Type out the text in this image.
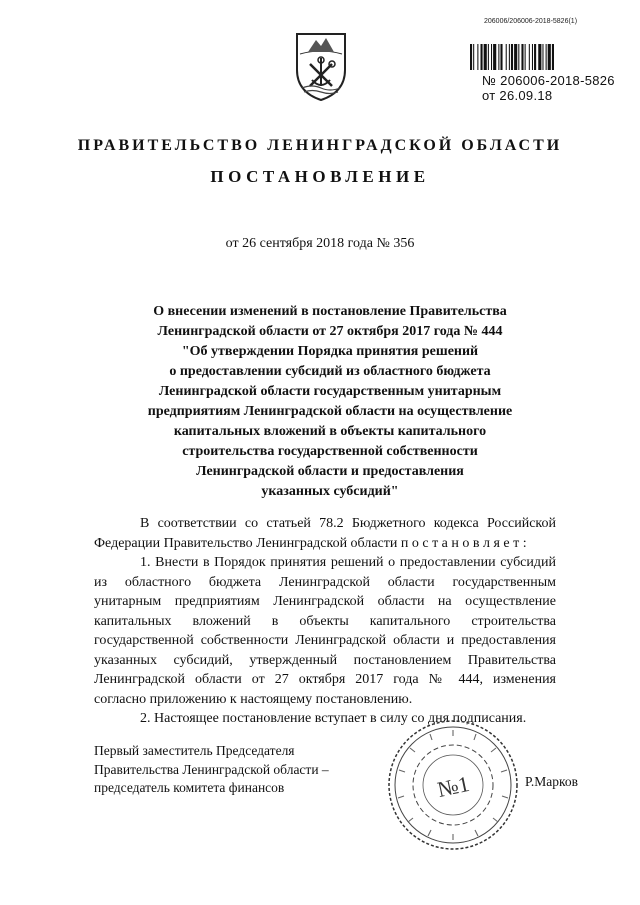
206006/206006-2018-5826(1)
№ 206006-2018-5826
от 26.09.18
ПРАВИТЕЛЬСТВО ЛЕНИНГРАДСКОЙ ОБЛАСТИ
ПОСТАНОВЛЕНИЕ
от 26 сентября 2018 года № 356
О внесении изменений в постановление Правительства
Ленинградской области от 27 октября 2017 года № 444
"Об утверждении Порядка принятия решений
о предоставлении субсидий из областного бюджета
Ленинградской области государственным унитарным
предприятиям Ленинградской области на осуществление
капитальных вложений в объекты капитального
строительства государственной собственности
Ленинградской области и предоставления
указанных субсидий"
В соответствии со статьей 78.2 Бюджетного кодекса Российской
Федерации Правительство Ленинградской области п о с т а н о в л я е т :
1. Внести в Порядок принятия решений о предоставлении субсидий
из областного бюджета Ленинградской области государственным
унитарным предприятиям Ленинградской области на осуществление
капитальных вложений в объекты капитального строительства
государственной собственности Ленинградской области и предоставления
указанных субсидий, утвержденный постановлением Правительства
Ленинградской области от 27 октября 2017 года № 444, изменения
согласно приложению к настоящему постановлению.
2. Настоящее постановление вступает в силу со дня подписания.
Первый заместитель Председателя
Правительства Ленинградской области –
председатель комитета финансов	№1	Р.Марков
